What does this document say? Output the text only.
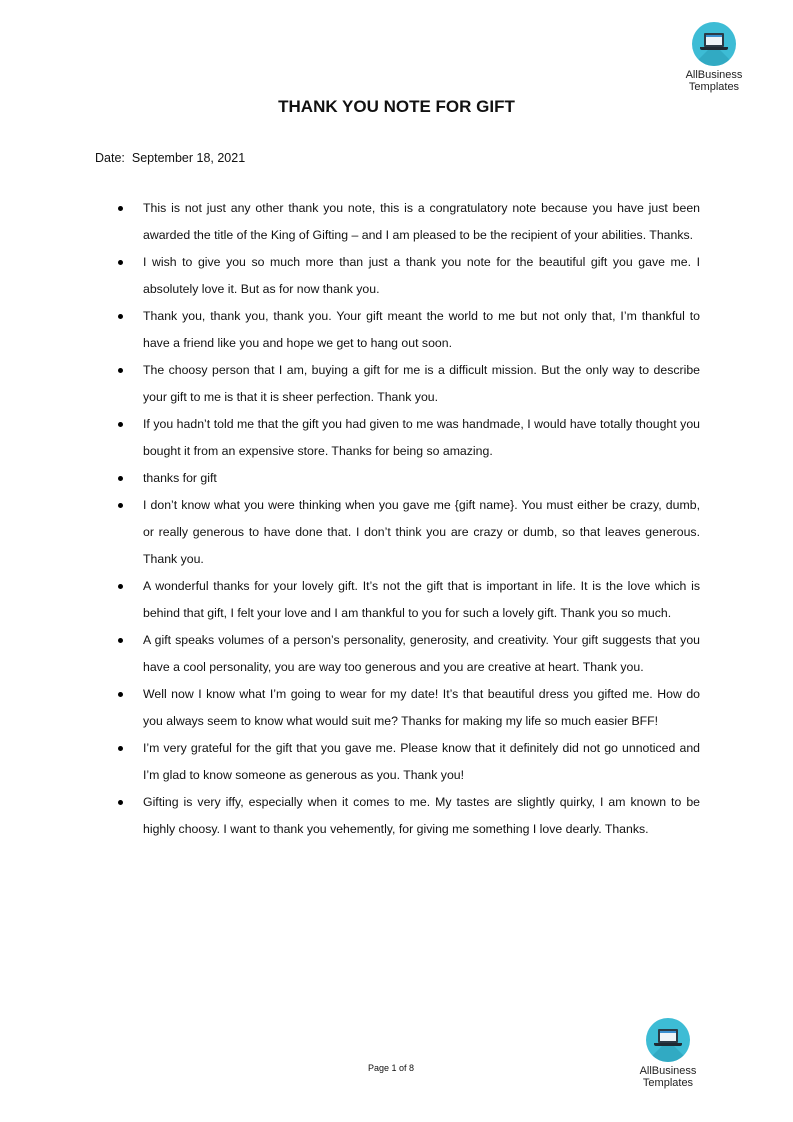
AllBusiness
Templates
THANK YOU NOTE FOR GIFT
Date: September 18, 2021
This is not just any other thank you note, this is a congratulatory note because you have just been awarded the title of the King of Gifting – and I am pleased to be the recipient of your abilities. Thanks.
I wish to give you so much more than just a thank you note for the beautiful gift you gave me. I absolutely love it. But as for now thank you.
Thank you, thank you, thank you. Your gift meant the world to me but not only that, I’m thankful to have a friend like you and hope we get to hang out soon.
The choosy person that I am, buying a gift for me is a difficult mission. But the only way to describe your gift to me is that it is sheer perfection. Thank you.
If you hadn’t told me that the gift you had given to me was handmade, I would have totally thought you bought it from an expensive store. Thanks for being so amazing.
thanks for gift
I don’t know what you were thinking when you gave me {gift name}. You must either be crazy, dumb, or really generous to have done that. I don’t think you are crazy or dumb, so that leaves generous. Thank you.
A wonderful thanks for your lovely gift. It’s not the gift that is important in life. It is the love which is behind that gift, I felt your love and I am thankful to you for such a lovely gift. Thank you so much.
A gift speaks volumes of a person’s personality, generosity, and creativity. Your gift suggests that you have a cool personality, you are way too generous and you are creative at heart. Thank you.
Well now I know what I’m going to wear for my date! It’s that beautiful dress you gifted me. How do you always seem to know what would suit me? Thanks for making my life so much easier BFF!
I’m very grateful for the gift that you gave me. Please know that it definitely did not go unnoticed and I’m glad to know someone as generous as you. Thank you!
Gifting is very iffy, especially when it comes to me. My tastes are slightly quirky, I am known to be highly choosy. I want to thank you vehemently, for giving me something I love dearly. Thanks.
Page 1 of 8	AllBusiness
Templates
